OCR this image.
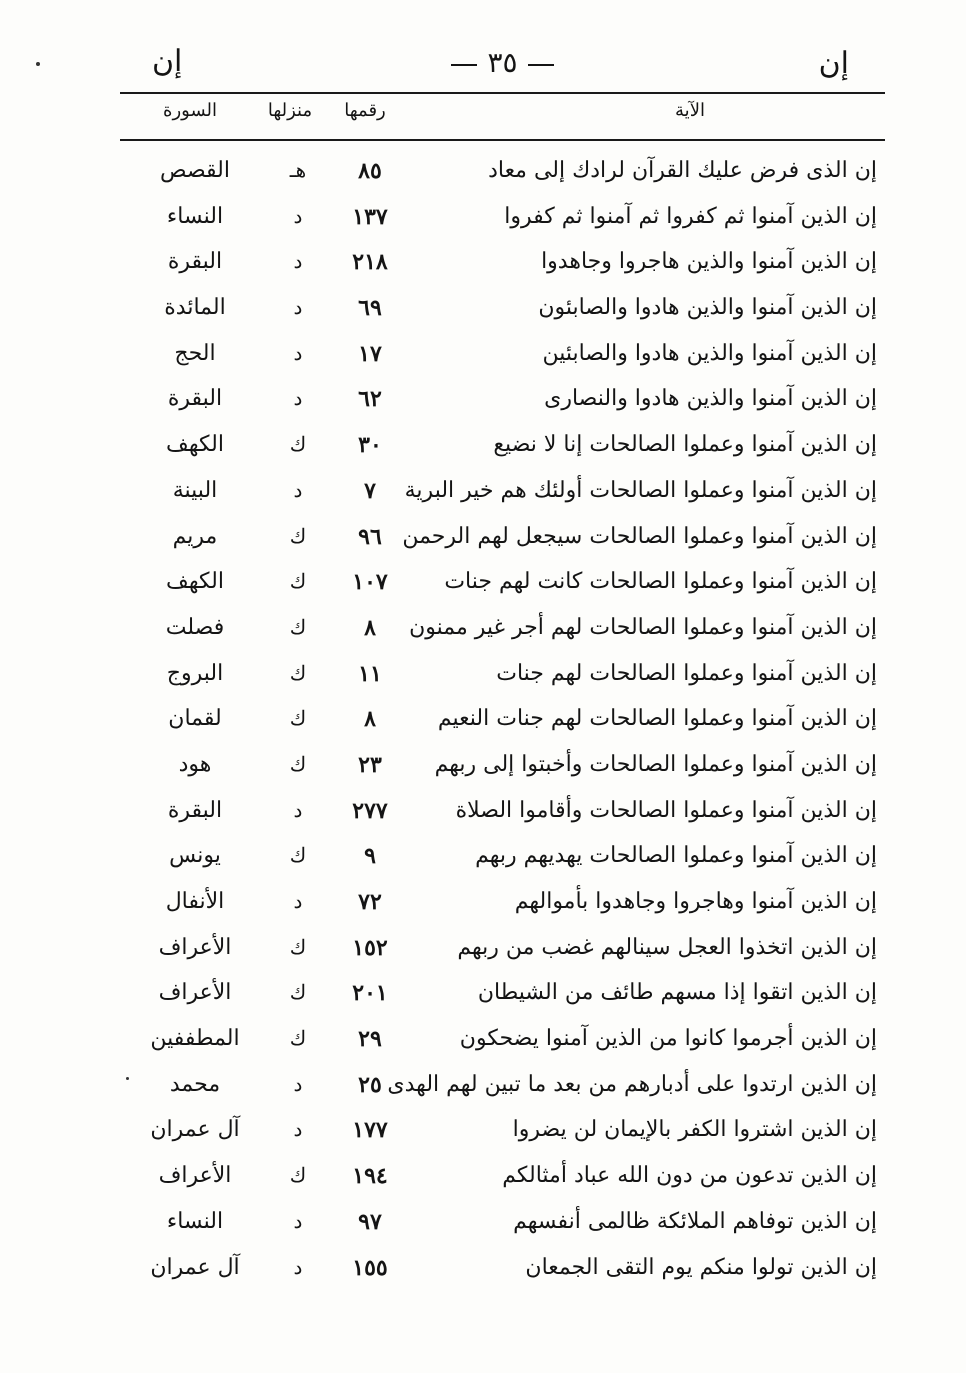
إن
٣٥
إن
الآية
رقمها
منزلها
السورة
إن الذى فرض عليك القرآن لرادك إلى معاد
٨٥
هـ
القصص
إن الذين آمنوا ثم كفروا ثم آمنوا ثم كفروا
١٣٧
د
النساء
إن الذين آمنوا والذين هاجروا وجاهدوا
٢١٨
د
البقرة
إن الذين آمنوا والذين هادوا والصابئون
٦٩
د
المائدة
إن الذين آمنوا والذين هادوا والصابئين
١٧
د
الحج
إن الذين آمنوا والذين هادوا والنصارى
٦٢
د
البقرة
إن الذين آمنوا وعملوا الصالحات إنا لا نضيع
٣٠
ك
الكهف
إن الذين آمنوا وعملوا الصالحات أولئك هم خير البرية
٧
د
البينة
إن الذين آمنوا وعملوا الصالحات سيجعل لهم الرحمن
٩٦
ك
مريم
إن الذين آمنوا وعملوا الصالحات كانت لهم جنات
١٠٧
ك
الكهف
إن الذين آمنوا وعملوا الصالحات لهم أجر غير ممنون
٨
ك
فصلت
إن الذين آمنوا وعملوا الصالحات لهم جنات
١١
ك
البروج
إن الذين آمنوا وعملوا الصالحات لهم جنات النعيم
٨
ك
لقمان
إن الذين آمنوا وعملوا الصالحات وأخبتوا إلى ربهم
٢٣
ك
هود
إن الذين آمنوا وعملوا الصالحات وأقاموا الصلاة
٢٧٧
د
البقرة
إن الذين آمنوا وعملوا الصالحات يهديهم ربهم
٩
ك
يونس
إن الذين آمنوا وهاجروا وجاهدوا بأموالهم
٧٢
د
الأنفال
إن الذين اتخذوا العجل سينالهم غضب من ربهم
١٥٢
ك
الأعراف
إن الذين اتقوا إذا مسهم طائف من الشيطان
٢٠١
ك
الأعراف
إن الذين أجرموا كانوا من الذين آمنوا يضحكون
٢٩
ك
المطففين
إن الذين ارتدوا على أدبارهم من بعد ما تبين لهم الهدى
٢٥
د
محمد
إن الذين اشتروا الكفر بالإيمان لن يضروا
١٧٧
د
آل عمران
إن الذين تدعون من دون الله عباد أمثالكم
١٩٤
ك
الأعراف
إن الذين توفاهم الملائكة ظالمى أنفسهم
٩٧
د
النساء
إن الذين تولوا منكم يوم التقى الجمعان
١٥٥
د
آل عمران
